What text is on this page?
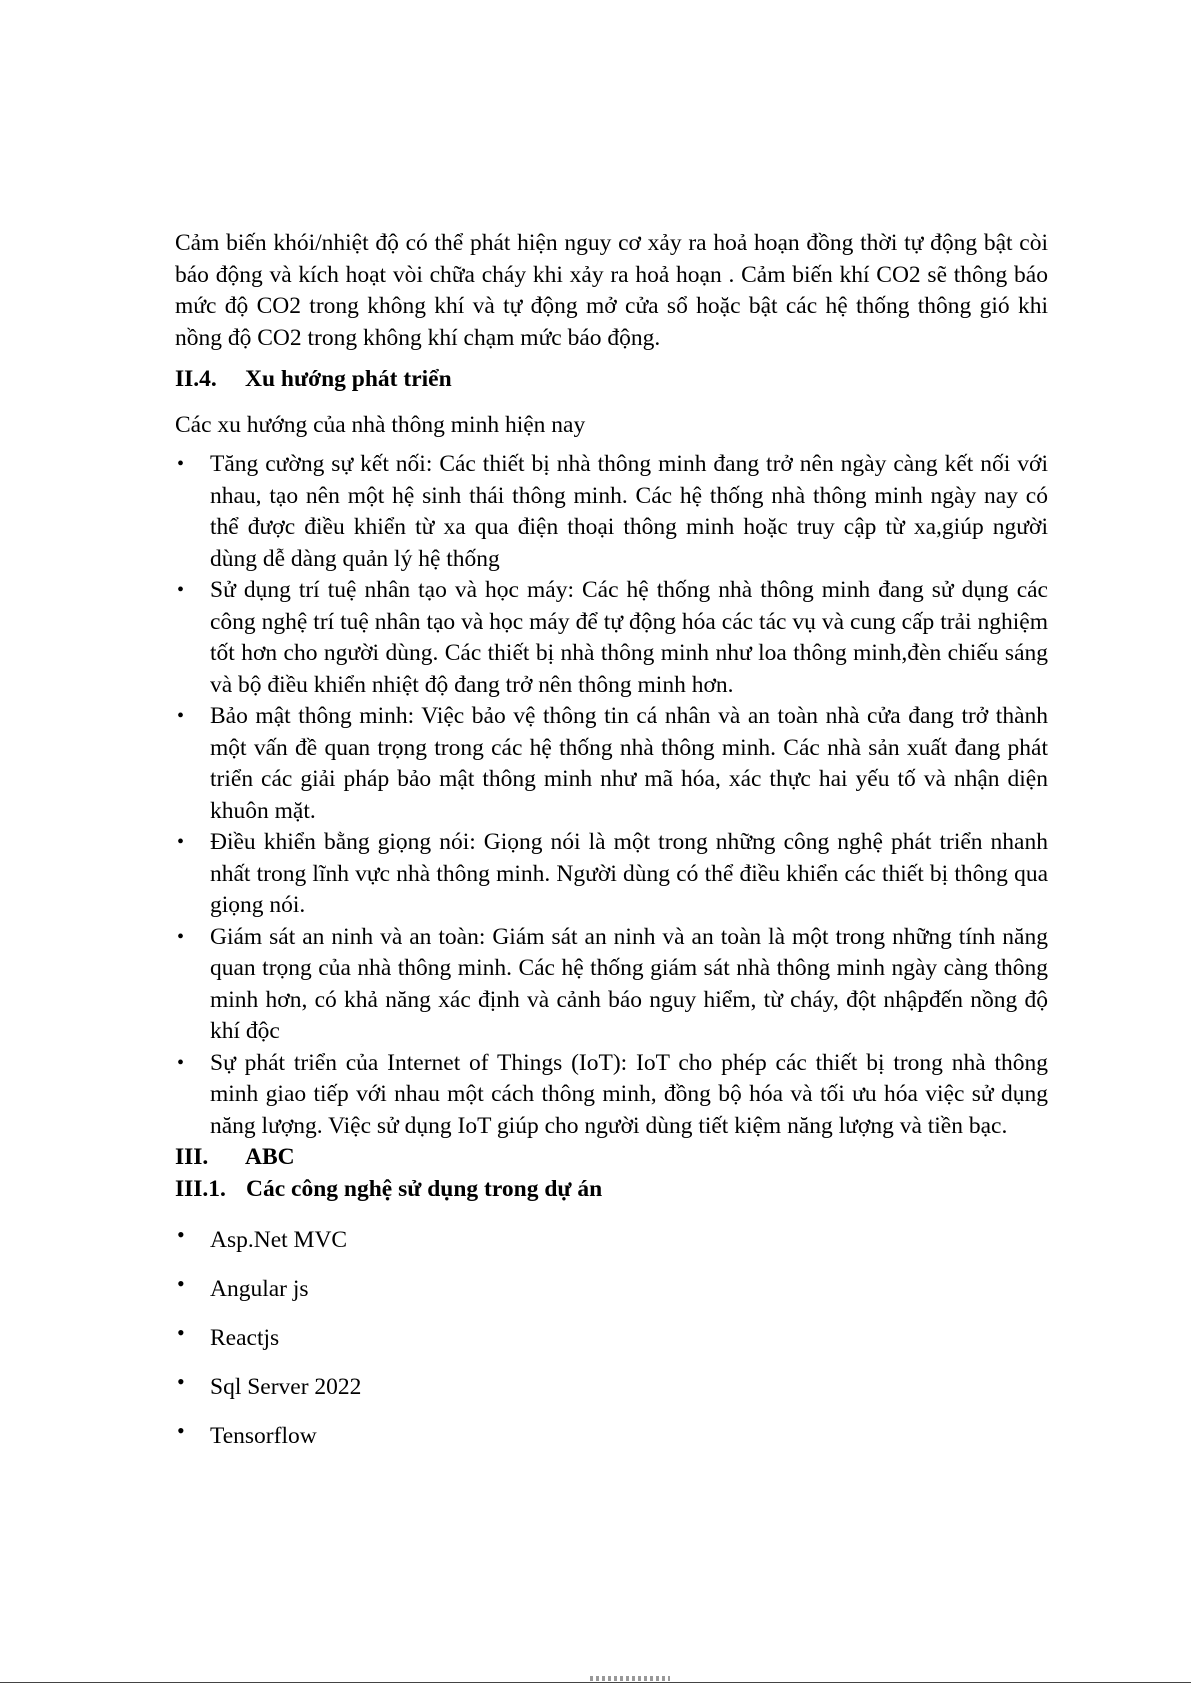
Cảm biến khói/nhiệt độ có thể phát hiện nguy cơ xảy ra hoả hoạn đồng thời tự động bật còi báo động và kích hoạt vòi chữa cháy khi xảy ra hoả hoạn . Cảm biến khí CO2 sẽ thông báo mức độ CO2 trong không khí và tự động mở cửa sổ hoặc bật các hệ thống thông gió khi nồng độ CO2 trong không khí chạm mức báo động.

II.4.	Xu hướng phát triển

Các xu hướng của nhà thông minh hiện nay

• Tăng cường sự kết nối: Các thiết bị nhà thông minh đang trở nên ngày càng kết nối với nhau, tạo nên một hệ sinh thái thông minh. Các hệ thống nhà thông minh ngày nay có thể được điều khiển từ xa qua điện thoại thông minh hoặc truy cập từ xa,giúp người dùng dễ dàng quản lý hệ thống
• Sử dụng trí tuệ nhân tạo và học máy: Các hệ thống nhà thông minh đang sử dụng các công nghệ trí tuệ nhân tạo và học máy để tự động hóa các tác vụ và cung cấp trải nghiệm tốt hơn cho người dùng. Các thiết bị nhà thông minh như loa thông minh,đèn chiếu sáng và bộ điều khiển nhiệt độ đang trở nên thông minh hơn.
• Bảo mật thông minh: Việc bảo vệ thông tin cá nhân và an toàn nhà cửa đang trở thành một vấn đề quan trọng trong các hệ thống nhà thông minh. Các nhà sản xuất đang phát triển các giải pháp bảo mật thông minh như mã hóa, xác thực hai yếu tố và nhận diện khuôn mặt.
• Điều khiển bằng giọng nói: Giọng nói là một trong những công nghệ phát triển nhanh nhất trong lĩnh vực nhà thông minh. Người dùng có thể điều khiển các thiết bị thông qua giọng nói.
• Giám sát an ninh và an toàn: Giám sát an ninh và an toàn là một trong những tính năng quan trọng của nhà thông minh. Các hệ thống giám sát nhà thông minh ngày càng thông minh hơn, có khả năng xác định và cảnh báo nguy hiểm, từ cháy, đột nhậpđến nồng độ khí độc
• Sự phát triển của Internet of Things (IoT): IoT cho phép các thiết bị trong nhà thông minh giao tiếp với nhau một cách thông minh, đồng bộ hóa và tối ưu hóa việc sử dụng năng lượng. Việc sử dụng IoT giúp cho người dùng tiết kiệm năng lượng và tiền bạc.
III.	ABC
III.1. Các công nghệ sử dụng trong dự án
• Asp.Net MVC
• Angular js
• Reactjs
• Sql Server 2022
• Tensorflow
